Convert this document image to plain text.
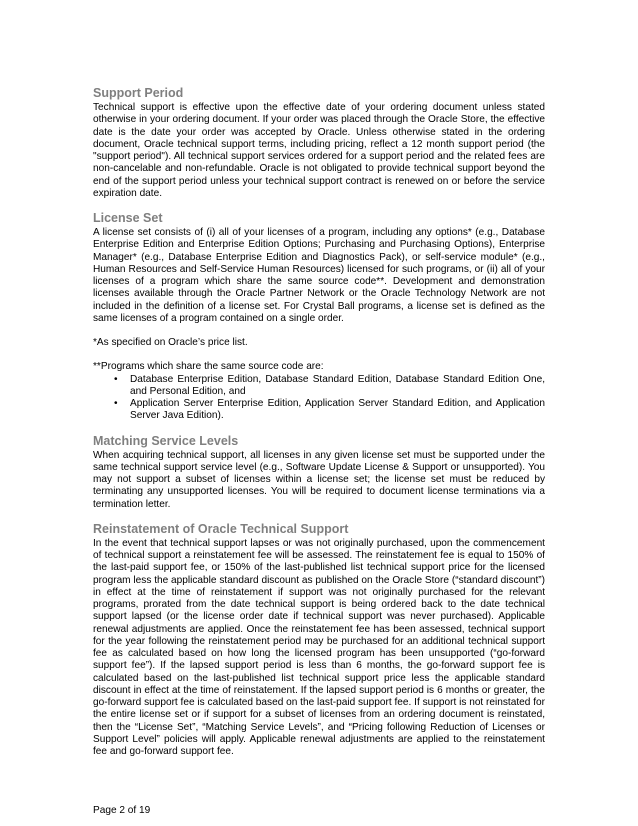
Support Period

Technical support is effective upon the effective date of your ordering document unless stated otherwise in your ordering document. If your order was placed through the Oracle Store, the effective date is the date your order was accepted by Oracle. Unless otherwise stated in the ordering document, Oracle technical support terms, including pricing, reflect a 12 month support period (the "support period"). All technical support services ordered for a support period and the related fees are non-cancelable and non-refundable. Oracle is not obligated to provide technical support beyond the end of the support period unless your technical support contract is renewed on or before the service expiration date.

License Set

A license set consists of (i) all of your licenses of a program, including any options* (e.g., Database Enterprise Edition and Enterprise Edition Options; Purchasing and Purchasing Options), Enterprise Manager* (e.g., Database Enterprise Edition and Diagnostics Pack), or self-service module* (e.g., Human Resources and Self-Service Human Resources) licensed for such programs, or (ii) all of your licenses of a program which share the same source code**. Development and demonstration licenses available through the Oracle Partner Network or the Oracle Technology Network are not included in the definition of a license set. For Crystal Ball programs, a license set is defined as the same licenses of a program contained on a single order.

*As specified on Oracle’s price list.

**Programs which share the same source code are:

• Database Enterprise Edition, Database Standard Edition, Database Standard Edition One, and Personal Edition, and
• Application Server Enterprise Edition, Application Server Standard Edition, and Application Server Java Edition).
Matching Service Levels

When acquiring technical support, all licenses in any given license set must be supported under the same technical support service level (e.g., Software Update License & Support or unsupported). You may not support a subset of licenses within a license set; the license set must be reduced by terminating any unsupported licenses. You will be required to document license terminations via a termination letter.

Reinstatement of Oracle Technical Support

In the event that technical support lapses or was not originally purchased, upon the commencement of technical support a reinstatement fee will be assessed. The reinstatement fee is equal to 150% of the last-paid support fee, or 150% of the last-published list technical support price for the licensed program less the applicable standard discount as published on the Oracle Store (“standard discount”) in effect at the time of reinstatement if support was not originally purchased for the relevant programs, prorated from the date technical support is being ordered back to the date technical support lapsed (or the license order date if technical support was never purchased). Applicable renewal adjustments are applied. Once the reinstatement fee has been assessed, technical support for the year following the reinstatement period may be purchased for an additional technical support fee as calculated based on how long the licensed program has been unsupported (“go-forward support fee”). If the lapsed support period is less than 6 months, the go-forward support fee is calculated based on the last-published list technical support price less the applicable standard discount in effect at the time of reinstatement. If the lapsed support period is 6 months or greater, the go-forward support fee is calculated based on the last-paid support fee. If support is not reinstated for the entire license set or if support for a subset of licenses from an ordering document is reinstated, then the “License Set”, “Matching Service Levels”, and “Pricing following Reduction of Licenses or Support Level” policies will apply. Applicable renewal adjustments are applied to the reinstatement fee and go-forward support fee.

Page 2 of 19
